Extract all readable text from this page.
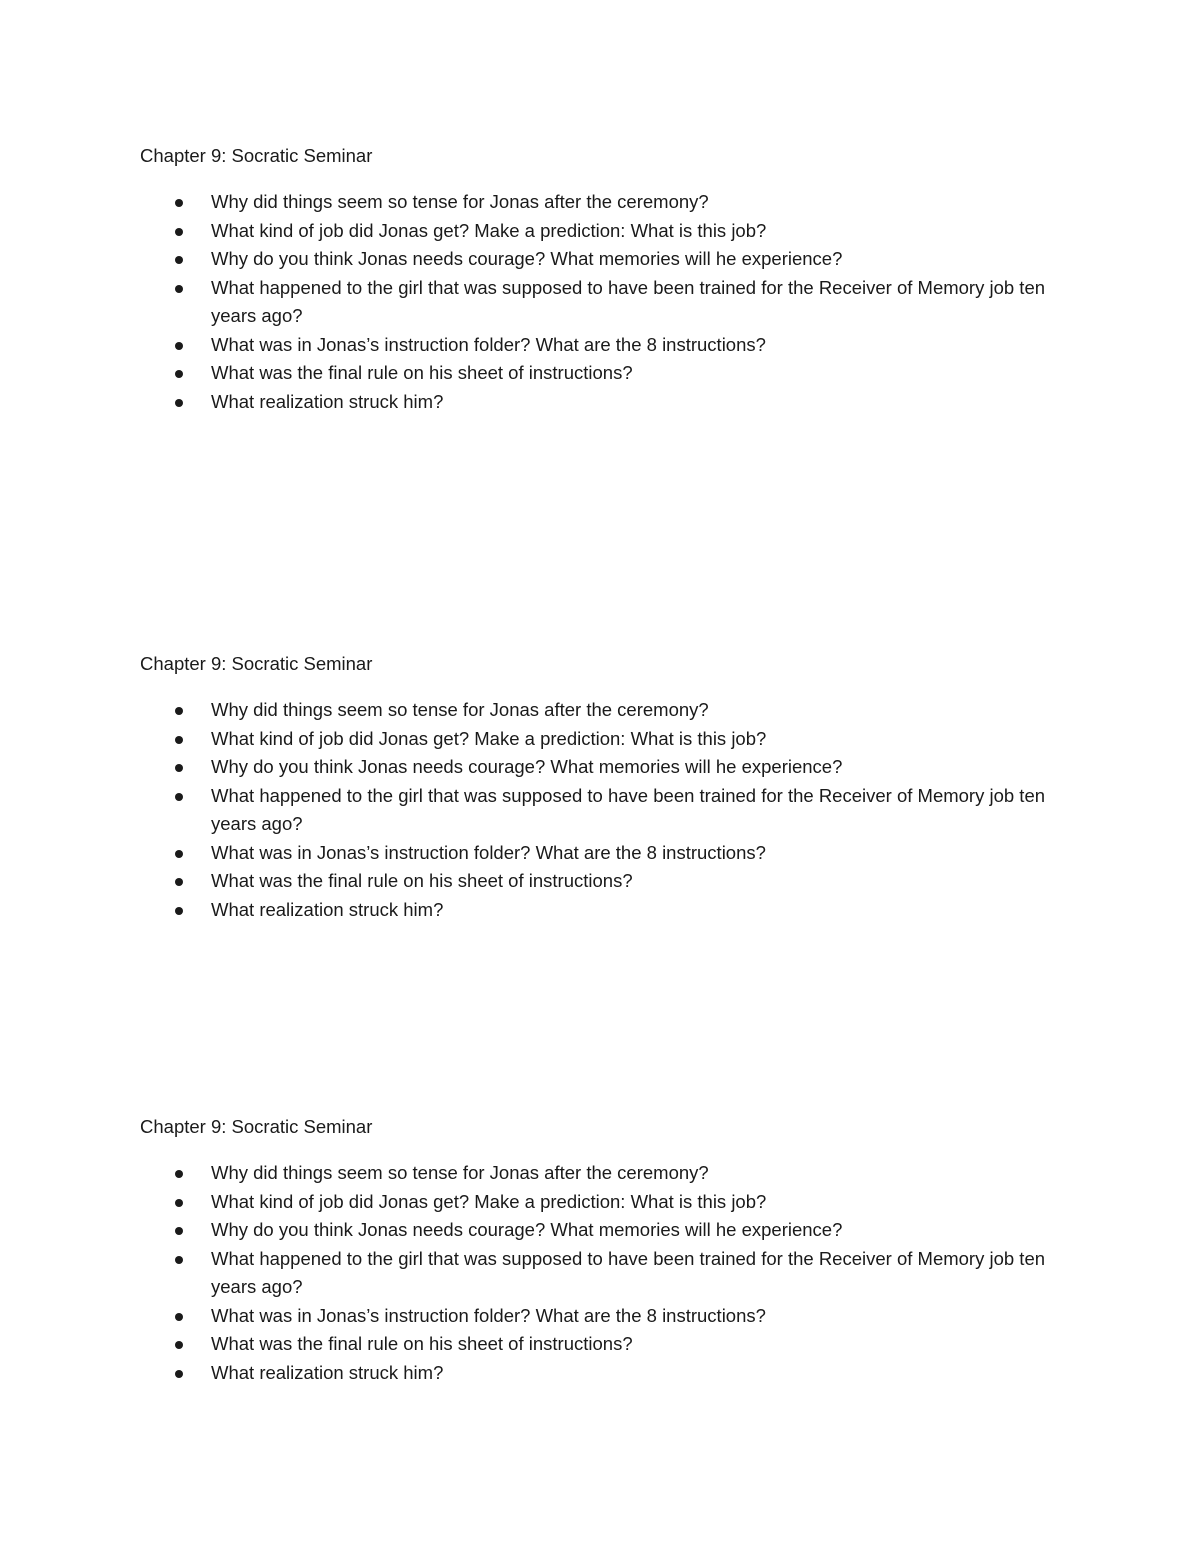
Chapter 9: Socratic Seminar
Why did things seem so tense for Jonas after the ceremony?
What kind of job did Jonas get? Make a prediction: What is this job?
Why do you think Jonas needs courage? What memories will he experience?
What happened to the girl that was supposed to have been trained for the Receiver of Memory job ten years ago?
What was in Jonas’s instruction folder? What are the 8 instructions?
What was the final rule on his sheet of instructions?
What realization struck him?
Chapter 9: Socratic Seminar
Why did things seem so tense for Jonas after the ceremony?
What kind of job did Jonas get? Make a prediction: What is this job?
Why do you think Jonas needs courage? What memories will he experience?
What happened to the girl that was supposed to have been trained for the Receiver of Memory job ten years ago?
What was in Jonas’s instruction folder? What are the 8 instructions?
What was the final rule on his sheet of instructions?
What realization struck him?
Chapter 9: Socratic Seminar
Why did things seem so tense for Jonas after the ceremony?
What kind of job did Jonas get? Make a prediction: What is this job?
Why do you think Jonas needs courage? What memories will he experience?
What happened to the girl that was supposed to have been trained for the Receiver of Memory job ten years ago?
What was in Jonas’s instruction folder? What are the 8 instructions?
What was the final rule on his sheet of instructions?
What realization struck him?
